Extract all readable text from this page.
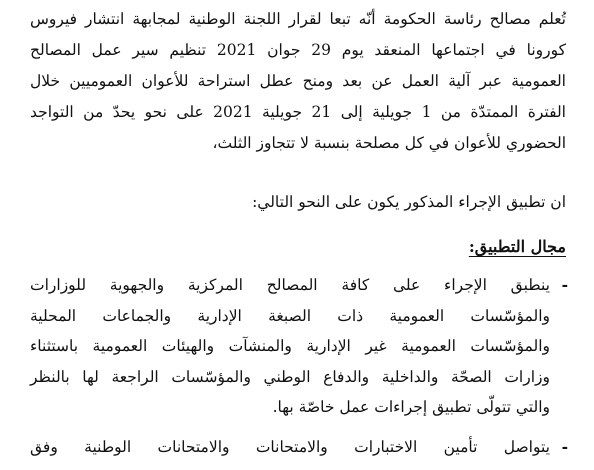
تُعلم مصالح رئاسة الحكومة أنّه تبعا لقرار اللجنة الوطنية لمجابهة انتشار فيروس
كورونا في اجتماعها المنعقد يوم 29 جوان 2021 تنظيم سير عمل المصالح
العمومية عبر آلية العمل عن بعد ومنح عطل استراحة للأعوان العموميين خلال
الفترة الممتدّة من 1 جويلية إلى 21 جويلية 2021 على نحو يحدّ من التواجد
الحضوري للأعوان في كل مصلحة بنسبة لا تتجاوز الثلث،

ان تطبيق الإجراء المذكور يكون على النحو التالي:

مجال التطبيق:

-
ينطبق الإجراء على كافة المصالح المركزية والجهوية للوزارات
والمؤسّسات العمومية ذات الصبغة الإدارية والجماعات المحلية
والمؤسّسات العمومية غير الإدارية والمنشآت والهيئات العمومية باستثناء
وزارات الصحّة والداخلية والدفاع الوطني والمؤسّسات الراجعة لها بالنظر
والتي تتولّى تطبيق إجراءات عمل خاصّة بها.
-
يتواصل تأمين الاختبارات والامتحانات والامتحانات الوطنية وفق
